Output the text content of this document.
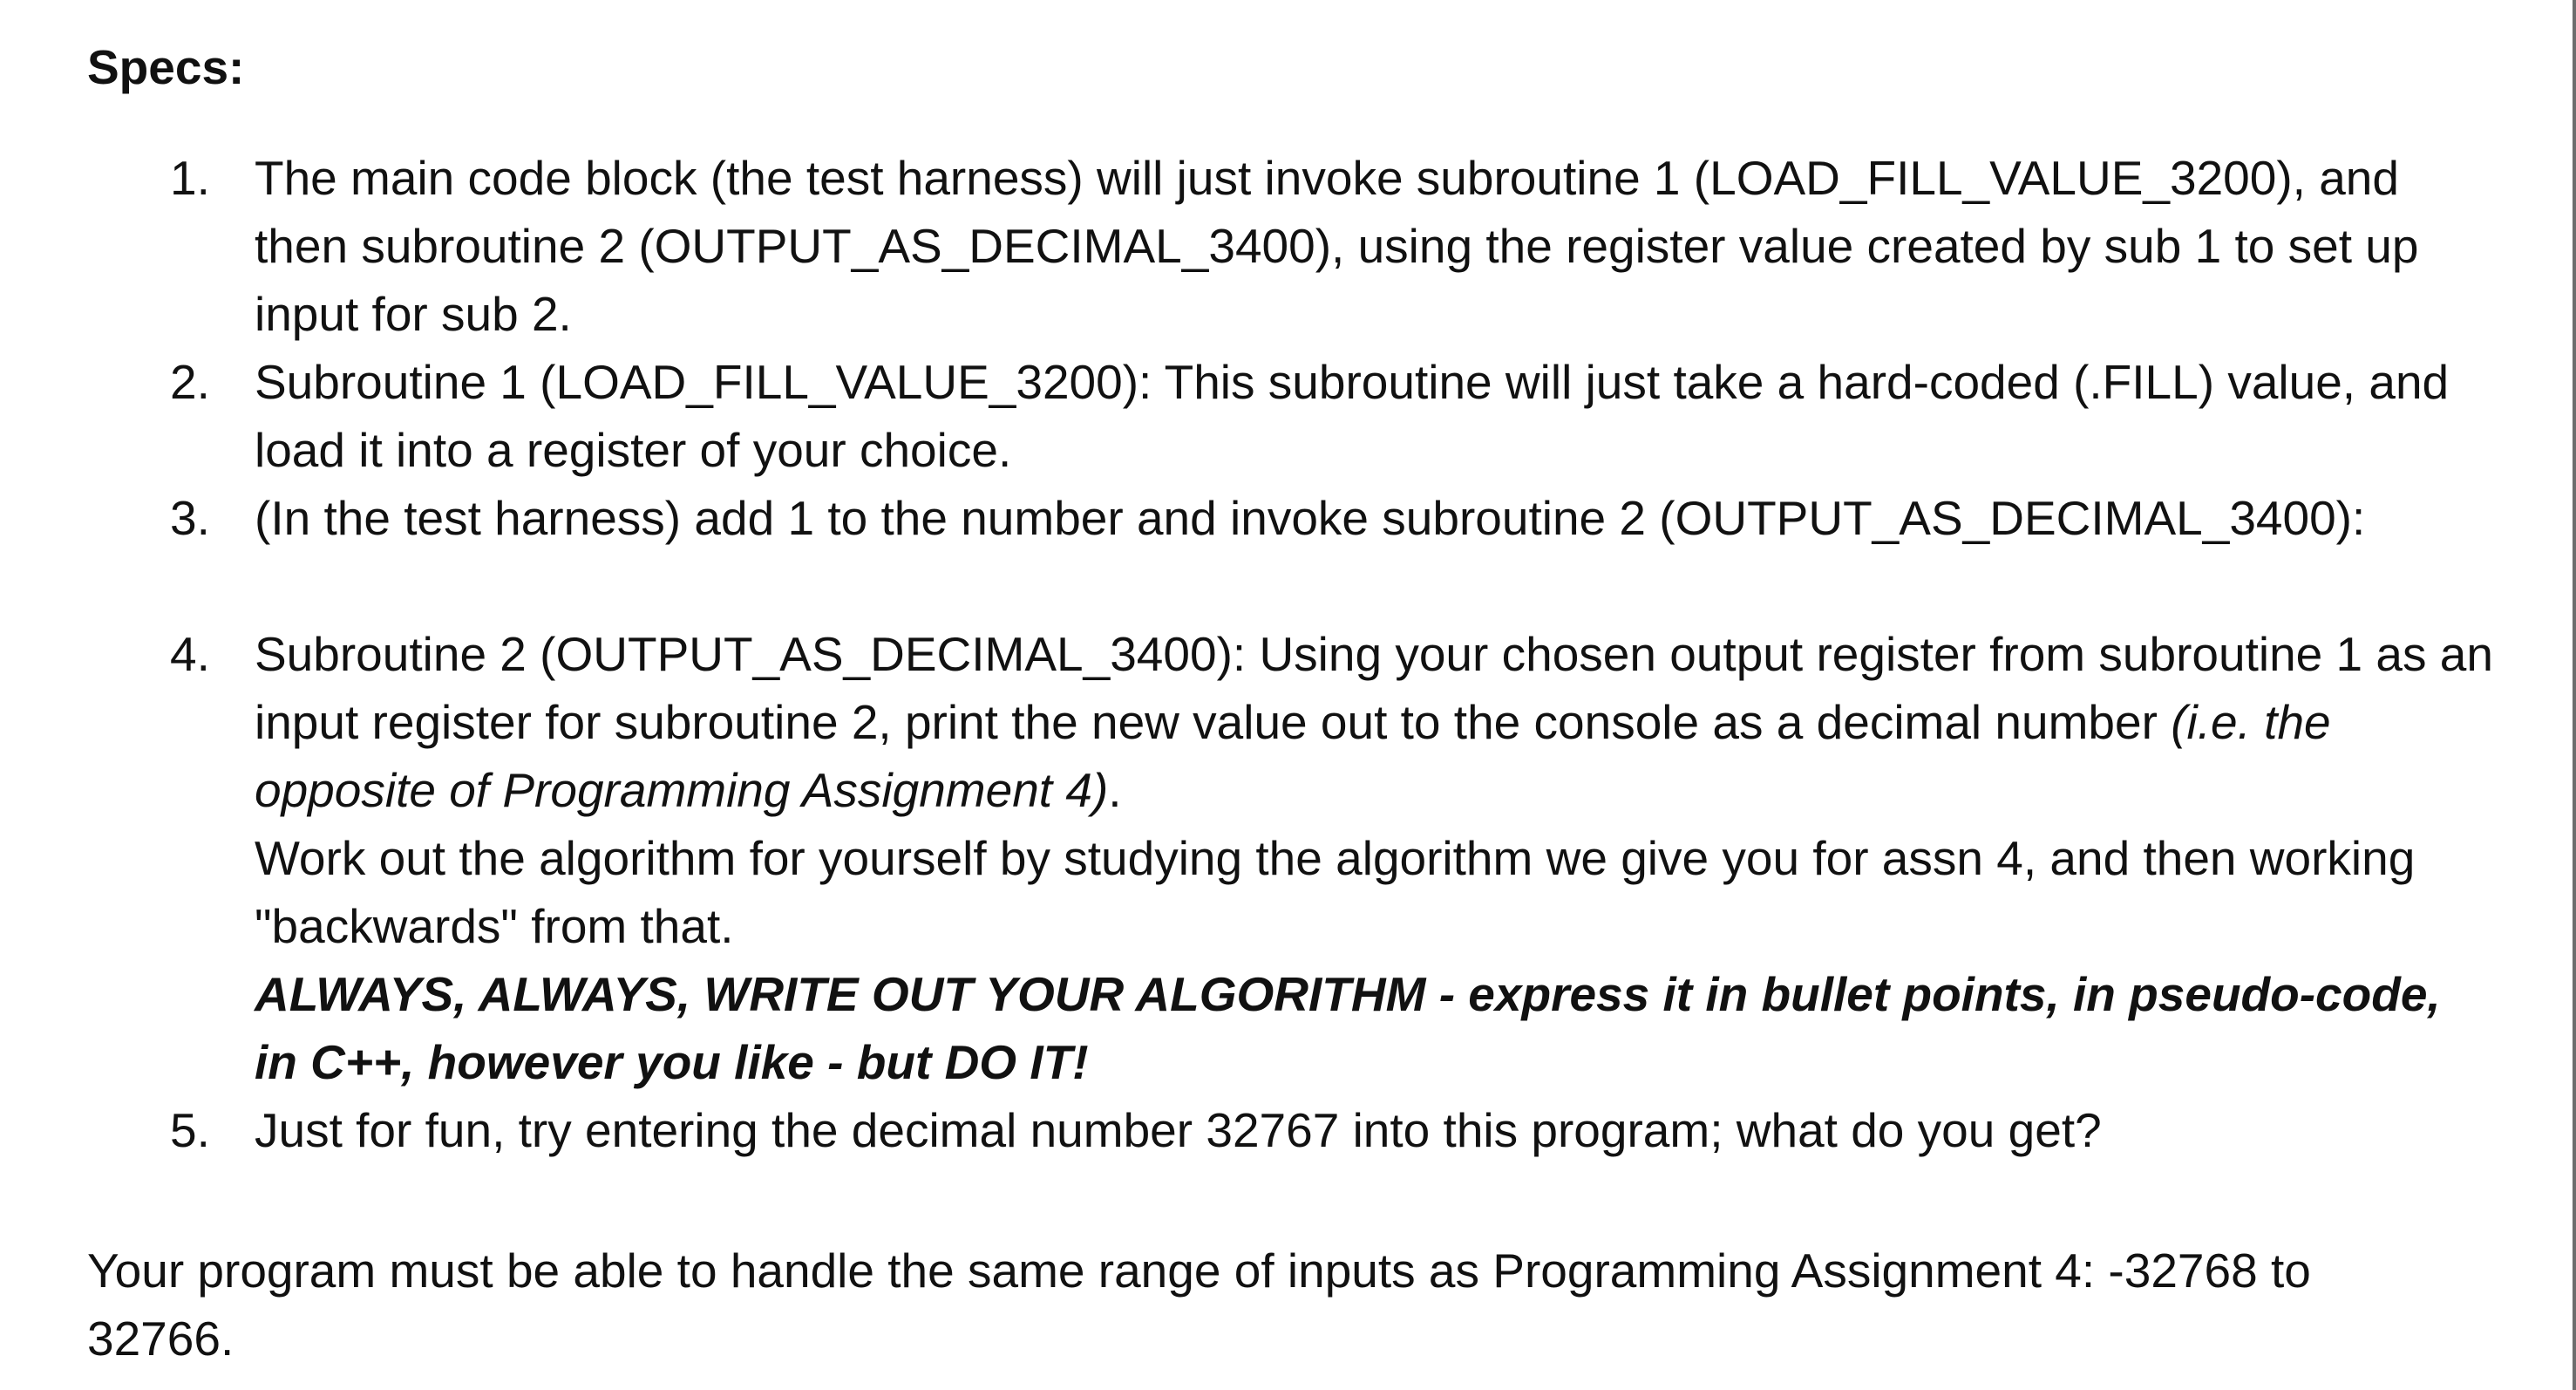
Specs:
1. The main code block (the test harness) will just invoke subroutine 1 (LOAD_FILL_VALUE_3200), and then subroutine 2 (OUTPUT_AS_DECIMAL_3400), using the register value created by sub 1 to set up input for sub 2.
2. Subroutine 1 (LOAD_FILL_VALUE_3200): This subroutine will just take a hard-coded (.FILL) value, and load it into a register of your choice.
3. (In the test harness) add 1 to the number and invoke subroutine 2 (OUTPUT_AS_DECIMAL_3400):
4. Subroutine 2 (OUTPUT_AS_DECIMAL_3400): Using your chosen output register from subroutine 1 as an input register for subroutine 2, print the new value out to the console as a decimal number (i.e. the opposite of Programming Assignment 4).
Work out the algorithm for yourself by studying the algorithm we give you for assn 4, and then working "backwards" from that.
ALWAYS, ALWAYS, WRITE OUT YOUR ALGORITHM - express it in bullet points, in pseudo-code, in C++, however you like - but DO IT!
5. Just for fun, try entering the decimal number 32767 into this program; what do you get?

Your program must be able to handle the same range of inputs as Programming Assignment 4: -32768 to 32766.
